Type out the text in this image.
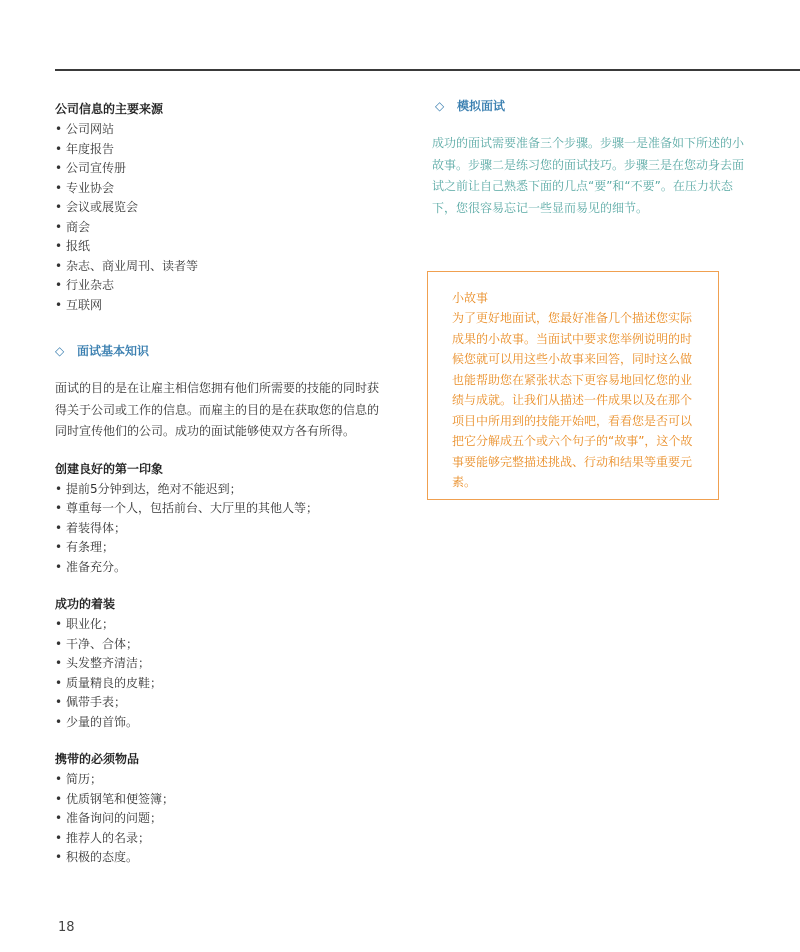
公司信息的主要来源
• 公司网站
• 年度报告
• 公司宣传册
• 专业协会
• 会议或展览会
• 商会
• 报纸
• 杂志、商业周刊、读者等
• 行业杂志
• 互联网
◇ 面试基本知识
面试的目的是在让雇主相信您拥有他们所需要的技能的同时获得关于公司或工作的信息。而雇主的目的是在获取您的信息的同时宣传他们的公司。成功的面试能够使双方各有所得。
创建良好的第一印象
• 提前5分钟到达，绝对不能迟到；
• 尊重每一个人，包括前台、大厅里的其他人等；
• 着装得体；
• 有条理；
• 准备充分。
成功的着装
• 职业化；
• 干净、合体；
• 头发整齐清洁；
• 质量精良的皮鞋；
• 佩带手表；
• 少量的首饰。
携带的必须物品
• 简历；
• 优质钢笔和便签簿；
• 准备询问的问题；
• 推荐人的名录；
• 积极的态度。
◇ 模拟面试
成功的面试需要准备三个步骤。步骤一是准备如下所述的小故事。步骤二是练习您的面试技巧。步骤三是在您动身去面试之前让自己熟悉下面的几点“要”和“不要”。在压力状态下，您很容易忘记一些显而易见的细节。
小故事
为了更好地面试，您最好准备几个描述您实际成果的小故事。当面试中要求您举例说明的时候您就可以用这些小故事来回答，同时这么做也能帮助您在紧张状态下更容易地回忆您的业绩与成就。让我们从描述一件成果以及在那个项目中所用到的技能开始吧，看看您是否可以把它分解成五个或六个句子的“故事”，这个故事要能够完整描述挑战、行动和结果等重要元素。
18
